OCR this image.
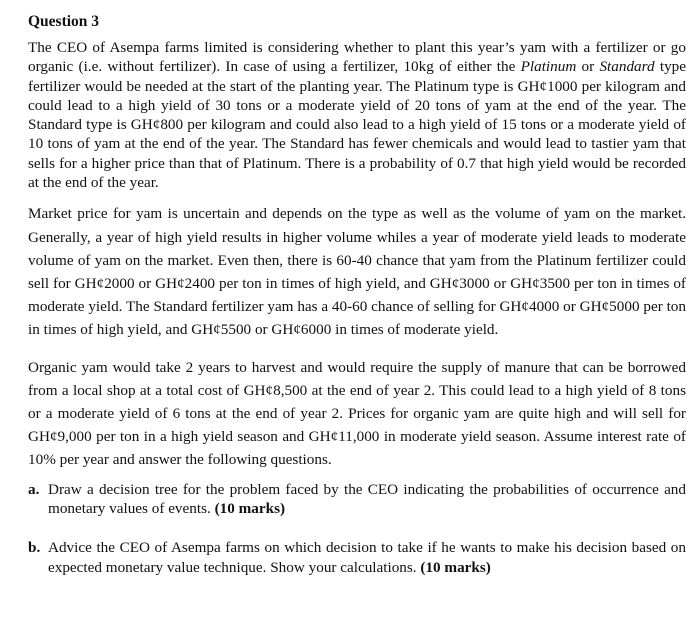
Question 3

The CEO of Asempa farms limited is considering whether to plant this year’s yam with a fertilizer or go organic (i.e. without fertilizer). In case of using a fertilizer, 10kg of either the Platinum or Standard type fertilizer would be needed at the start of the planting year. The Platinum type is GH¢1000 per kilogram and could lead to a high yield of 30 tons or a moderate yield of 20 tons of yam at the end of the year. The Standard type is GH¢800 per kilogram and could also lead to a high yield of 15 tons or a moderate yield of 10 tons of yam at the end of the year. The Standard has fewer chemicals and would lead to tastier yam that sells for a higher price than that of Platinum. There is a probability of 0.7 that high yield would be recorded at the end of the year.

Market price for yam is uncertain and depends on the type as well as the volume of yam on the market. Generally, a year of high yield results in higher volume whiles a year of moderate yield leads to moderate volume of yam on the market. Even then, there is 60-40 chance that yam from the Platinum fertilizer could sell for GH¢2000 or GH¢2400 per ton in times of high yield, and GH¢3000 or GH¢3500 per ton in times of moderate yield. The Standard fertilizer yam has a 40-60 chance of selling for GH¢4000 or GH¢5000 per ton in times of high yield, and GH¢5500 or GH¢6000 in times of moderate yield.

Organic yam would take 2 years to harvest and would require the supply of manure that can be borrowed from a local shop at a total cost of GH¢8,500 at the end of year 2. This could lead to a high yield of 8 tons or a moderate yield of 6 tons at the end of year 2. Prices for organic yam are quite high and will sell for GH¢9,000 per ton in a high yield season and GH¢11,000 in moderate yield season. Assume interest rate of 10% per year and answer the following questions.

a. Draw a decision tree for the problem faced by the CEO indicating the probabilities of occurrence and monetary values of events. (10 marks)
b. Advice the CEO of Asempa farms on which decision to take if he wants to make his decision based on expected monetary value technique. Show your calculations. (10 marks)
